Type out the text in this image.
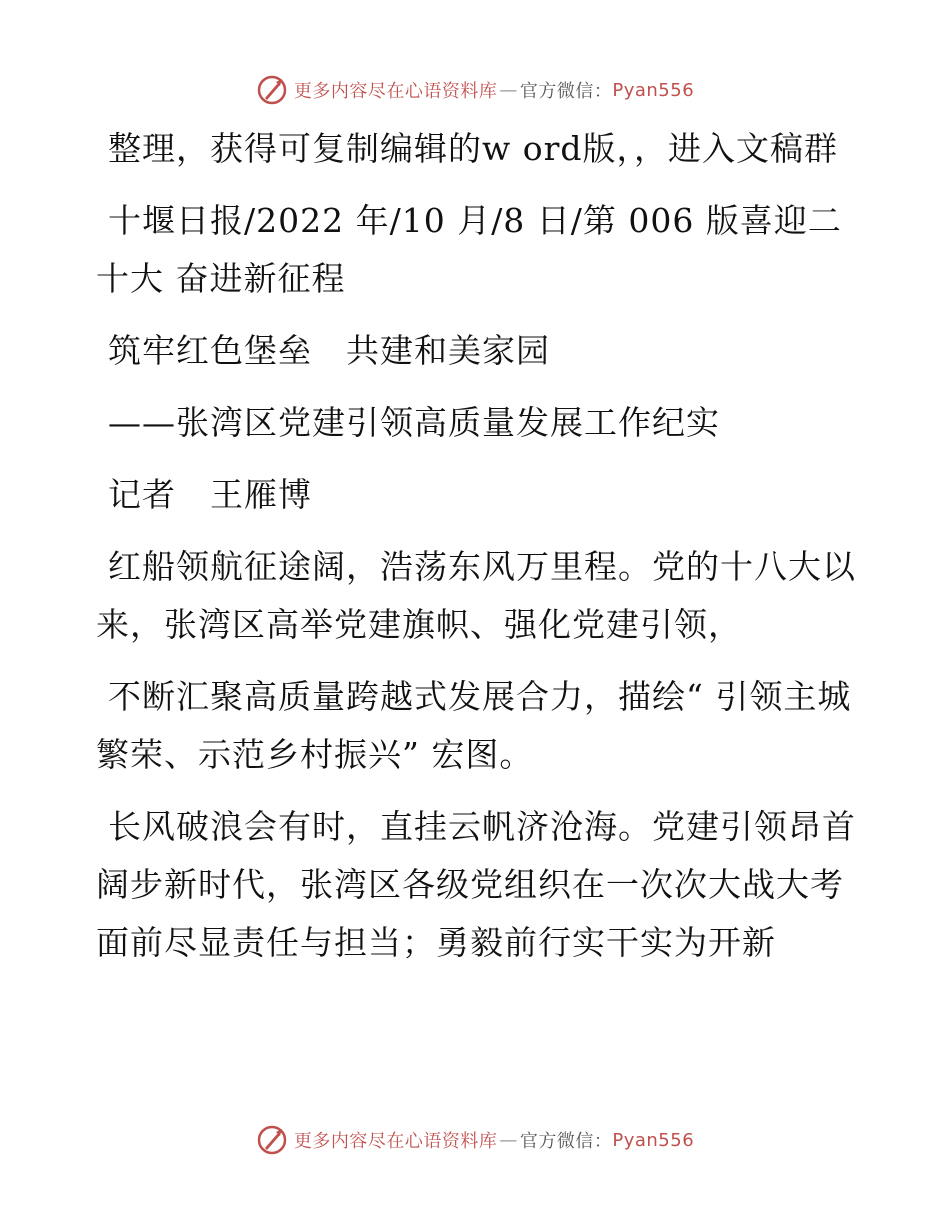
更多内容尽在心语资料库 — 官方微信： Pyan556

整理，获得可复制编辑的w ord版，，进入文稿群

十堰日报/2022 年/10 月/8 日/第 006 版喜迎二十大 奋进新征程

筑牢红色堡垒　共建和美家园

——张湾区党建引领高质量发展工作纪实

记者　王雁博

红船领航征途阔，浩荡东风万里程。党的十八大以来，张湾区高举党建旗帜、强化党建引领，

不断汇聚高质量跨越式发展合力，描绘“ 引领主城繁荣、示范乡村振兴” 宏图。

长风破浪会有时，直挂云帆济沧海。党建引领昂首阔步新时代，张湾区各级党组织在一次次大战大考面前尽显责任与担当；勇毅前行实干实为开新

更多内容尽在心语资料库 — 官方微信： Pyan556
